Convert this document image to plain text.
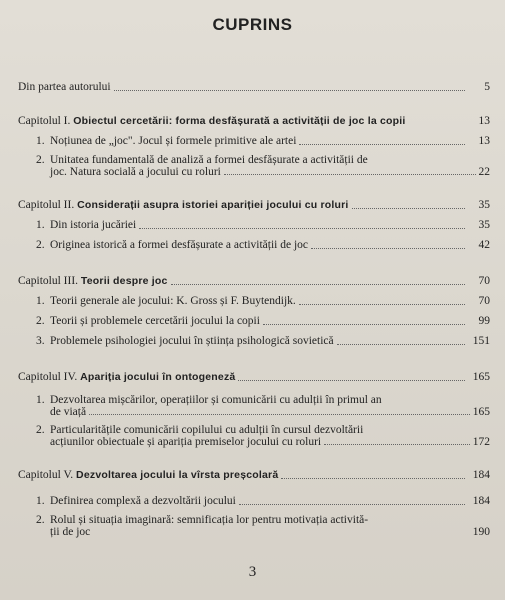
CUPRINS
Din partea autorului	5
Capitolul I. Obiectul cercetării: forma desfășurată a activității de joc la copii	13
1. Noțiunea de „joc". Jocul și formele primitive ale artei	13
2. Unitatea fundamentală de analiză a formei desfășurate a activității de
joc. Natura socială a jocului cu roluri	22
Capitolul II. Considerații asupra istoriei apariției jocului cu roluri	35
1. Din istoria jucăriei	35
2. Originea istorică a formei desfășurate a activității de joc	42
Capitolul III. Teorii despre joc	70
1. Teorii generale ale jocului: K. Gross și F. Buytendijk.	70
2. Teorii și problemele cercetării jocului la copii	99
3. Problemele psihologiei jocului în știința psihologică sovietică	151
Capitolul IV. Apariția jocului în ontogeneză	165
1. Dezvoltarea mișcărilor, operațiilor și comunicării cu adulții în primul an
de viață	165
2. Particularitățile comunicării copilului cu adulții în cursul dezvoltării
acțiunilor obiectuale și apariția premiselor jocului cu roluri	172
Capitolul V. Dezvoltarea jocului la vîrsta preșcolară	184
1. Definirea complexă a dezvoltării jocului	184
2. Rolul și situația imaginară: semnificația lor pentru motivația activită-
ții de joc	190
3
